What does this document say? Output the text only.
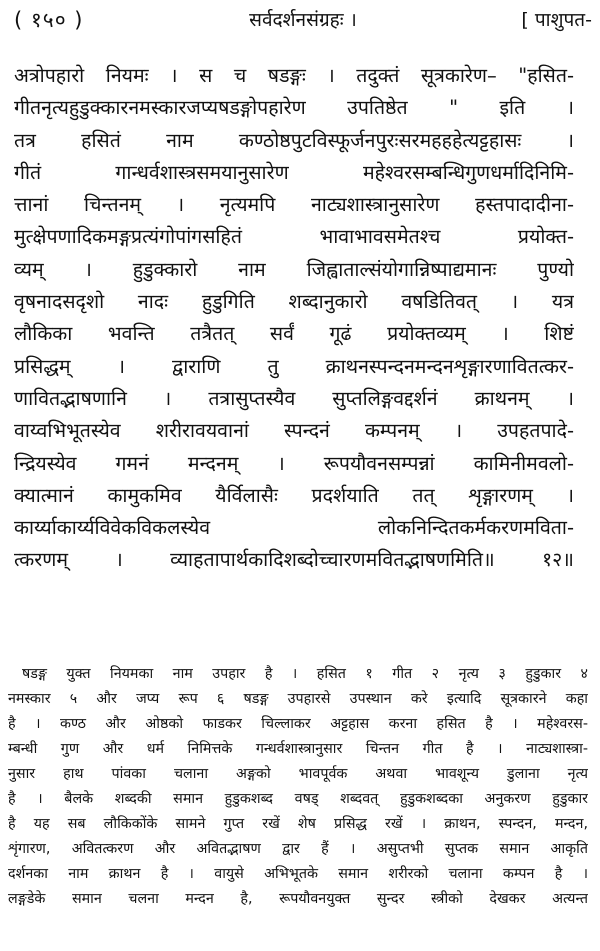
( १५० )	सर्वदर्शनसंग्रहः ।	[ पाशुपत-
अत्रोपहारो नियमः । स च षडङ्गः । तदुक्तं सूत्रकारेण– "हसित-
गीतनृत्यहुडुक्कारनमस्कारजप्यषडङ्गोपहारेण उपतिष्ठेत " इति ।
तत्र हसितं नाम कण्ठोष्ठपुटविस्फूर्जनपुरःसरमहहहेत्यट्टहासः ।
गीतं गान्धर्वशास्त्रसमयानुसारेण महेश्वरसम्बन्धिगुणधर्मादिनिमि-
त्तानां चिन्तनम् । नृत्यमपि नाट्यशास्त्रानुसारेण हस्तपादादीना-
मुत्क्षेपणादिकमङ्गप्रत्यंगोपांगसहितं भावाभावसमेतश्च प्रयोक्त-
व्यम् । हुडुक्कारो नाम जिह्वाताल्संयोगान्निष्पाद्यमानः पुण्यो
वृषनादसदृशो नादः हुडुगिति शब्दानुकारो वषडितिवत् । यत्र
लौकिका भवन्ति तत्रैतत् सर्वं गूढं प्रयोक्तव्यम् । शिष्टं
प्रसिद्धम् । द्वाराणि तु क्राथनस्पन्दनमन्दनशृङ्गारणावितत्कर-
णावितद्भाषणानि । तत्रासुप्तस्यैव सुप्तलिङ्गवद्दर्शनं क्राथनम् ।
वाय्वभिभूतस्येव शरीरावयवानां स्पन्दनं कम्पनम् । उपहतपादे-
न्द्रियस्येव गमनं मन्दनम् । रूपयौवनसम्पन्नां कामिनीमवलो-
क्यात्मानं कामुकमिव यैर्विलासैः प्रदर्शयाति तत् शृङ्गारणम् ।
कार्य्याकार्य्यविवेकविकलस्येव लोकनिन्दितकर्मकरणमविता-
त्करणम् । व्याहतापार्थकादिशब्दोच्चारणमवितद्भाषणमिति॥ १२॥
षडङ्ग युक्त नियमका नाम उपहार है । हसित १ गीत २ नृत्य ३ हुडुकार ४
नमस्कार ५ और जप्य रूप ६ षडङ्ग उपहारसे उपस्थान करे इत्यादि सूत्रकारने कहा
है । कण्ठ और ओष्ठको फाडकर चिल्लाकर अट्टहास करना हसित है । महेश्वरस-
म्बन्धी गुण और धर्म निमित्तके गन्धर्वशास्त्रानुसार चिन्तन गीत है । नाट्यशास्त्रा-
नुसार हाथ पांवका चलाना अङ्गको भावपूर्वक अथवा भावशून्य डुलाना नृत्य
है । बैलके शब्दकी समान हुडुकशब्द वषड् शब्दवत् हुडुकशब्दका अनुकरण हुडुकार
है यह सब लौकिकोंके सामने गुप्त रखें शेष प्रसिद्ध रखें । क्राथन, स्पन्दन, मन्दन,
शृंगारण, अवितत्करण और अवितद्भाषण द्वार हैं । असुप्तभी सुप्तक समान आकृति
दर्शनका नाम क्राथन है । वायुसे अभिभूतके समान शरीरको चलाना कम्पन है ।
लङ्गडेके समान चलना मन्दन है, रूपयौवनयुक्त सुन्दर स्त्रीको देखकर अत्यन्त
